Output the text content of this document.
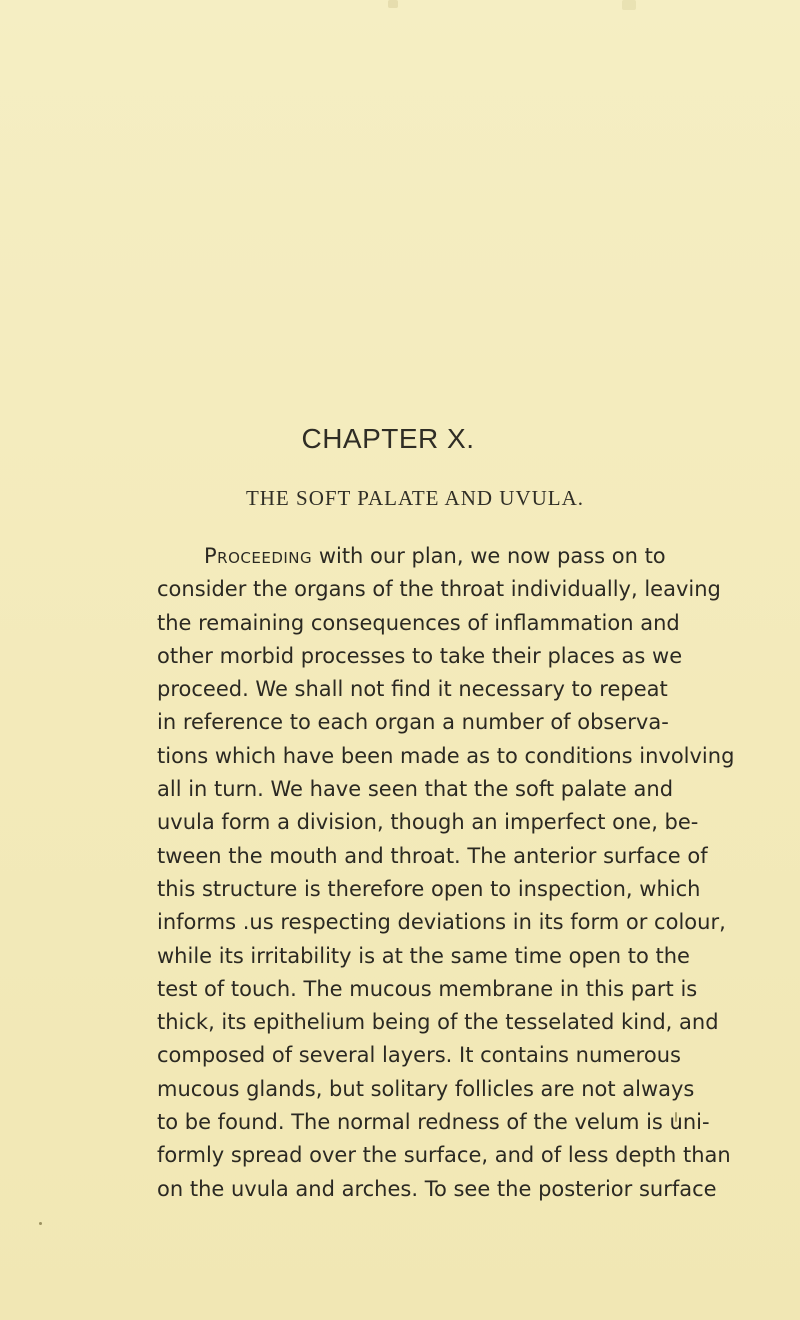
CHAPTER X.
THE SOFT PALATE AND UVULA.

Proceeding with our plan, we now pass on to
consider the organs of the throat individually, leaving
the remaining consequences of inflammation and
other morbid processes to take their places as we
proceed. We shall not find it necessary to repeat
in reference to each organ a number of observa-
tions which have been made as to conditions involving
all in turn. We have seen that the soft palate and
uvula form a division, though an imperfect one, be-
tween the mouth and throat. The anterior surface of
this structure is therefore open to inspection, which
informs .us respecting deviations in its form or colour,
while its irritability is at the same time open to the
test of touch. The mucous membrane in this part is
thick, its epithelium being of the tesselated kind, and
composed of several layers. It contains numerous
mucous glands, but solitary follicles are not always
to be found. The normal redness of the velum is uni-
formly spread over the surface, and of less depth than
on the uvula and arches. To see the posterior surface
